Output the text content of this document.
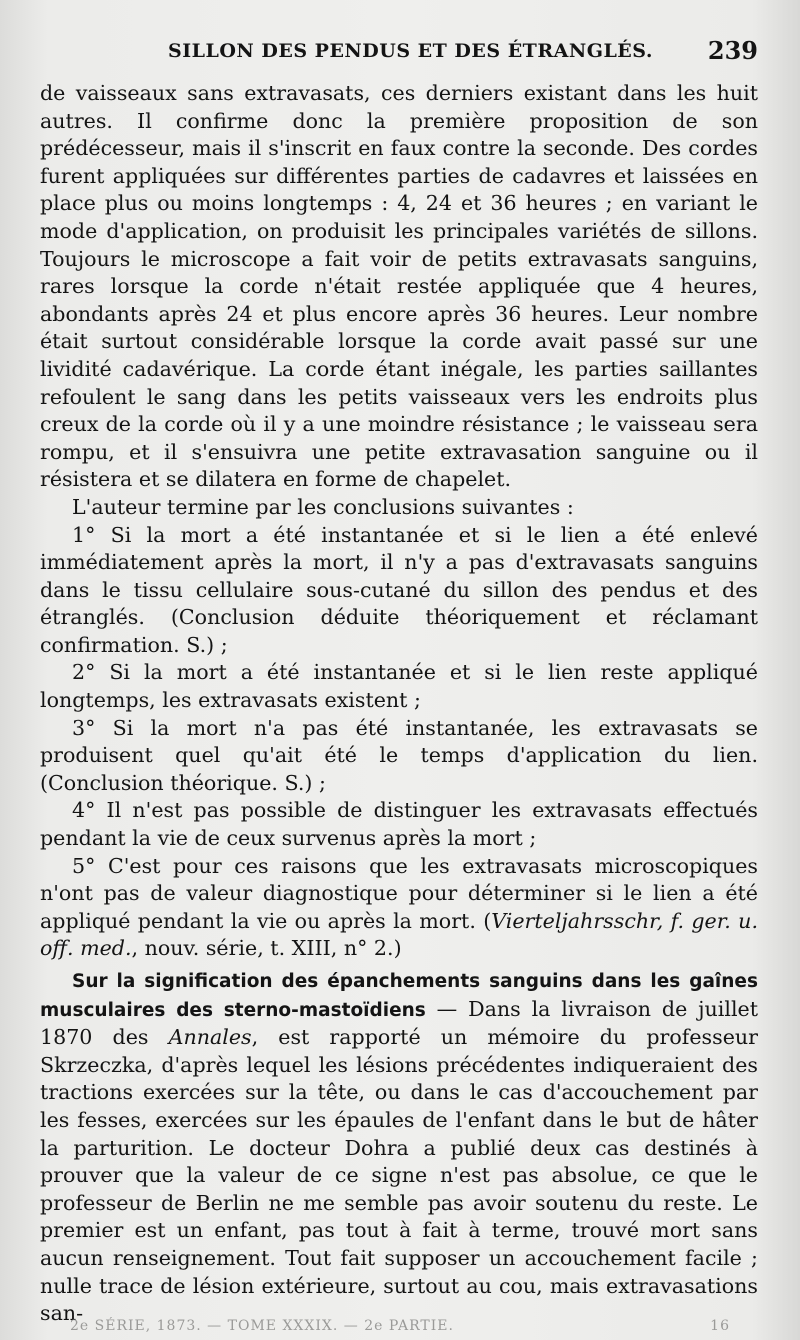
SILLON DES PENDUS ET DES ÉTRANGLÉS. 239

de vaisseaux sans extravasats, ces derniers existant dans les huit autres. Il confirme donc la première proposition de son prédécesseur, mais il s'inscrit en faux contre la seconde. Des cordes furent appliquées sur différentes parties de cadavres et laissées en place plus ou moins longtemps : 4, 24 et 36 heures ; en variant le mode d'application, on produisit les principales variétés de sillons. Toujours le microscope a fait voir de petits extravasats sanguins, rares lorsque la corde n'était restée appliquée que 4 heures, abondants après 24 et plus encore après 36 heures. Leur nombre était surtout considérable lorsque la corde avait passé sur une lividité cadavérique. La corde étant inégale, les parties saillantes refoulent le sang dans les petits vaisseaux vers les endroits plus creux de la corde où il y a une moindre résistance ; le vaisseau sera rompu, et il s'ensuivra une petite extravasation sanguine ou il résistera et se dilatera en forme de chapelet.

L'auteur termine par les conclusions suivantes :

1° Si la mort a été instantanée et si le lien a été enlevé immédiatement après la mort, il n'y a pas d'extravasats sanguins dans le tissu cellulaire sous-cutané du sillon des pendus et des étranglés. (Conclusion déduite théoriquement et réclamant confirmation. S.) ;

2° Si la mort a été instantanée et si le lien reste appliqué longtemps, les extravasats existent ;

3° Si la mort n'a pas été instantanée, les extravasats se produisent quel qu'ait été le temps d'application du lien. (Conclusion théorique. S.) ;

4° Il n'est pas possible de distinguer les extravasats effectués pendant la vie de ceux survenus après la mort ;

5° C'est pour ces raisons que les extravasats microscopiques n'ont pas de valeur diagnostique pour déterminer si le lien a été appliqué pendant la vie ou après la mort. (Vierteljahrsschr, f. ger. u. off. med., nouv. série, t. XIII, n° 2.)

Sur la signification des épanchements sanguins dans les gaînes musculaires des sterno-mastoïdiens — Dans la livraison de juillet 1870 des Annales, est rapporté un mémoire du professeur Skrzeczka, d'après lequel les lésions précédentes indiqueraient des tractions exercées sur la tête, ou dans le cas d'accouchement par les fesses, exercées sur les épaules de l'enfant dans le but de hâter la parturition. Le docteur Dohra a publié deux cas destinés à prouver que la valeur de ce signe n'est pas absolue, ce que le professeur de Berlin ne me semble pas avoir soutenu du reste. Le premier est un enfant, pas tout à fait à terme, trouvé mort sans aucun renseignement. Tout fait supposer un accouchement facile ; nulle trace de lésion extérieure, surtout au cou, mais extravasations san-

2e SÉRIE, 1873. — TOME XXXIX. — 2e PARTIE.	16
